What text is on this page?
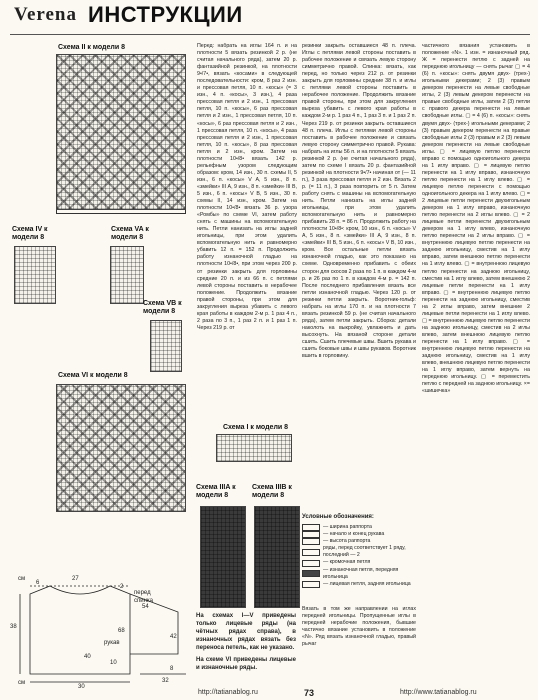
Verena ИНСТРУКЦИИ
Схема II к модели 8
Схема IV к модели 8
Схема VA к модели 8
Схема VB к модели 8
Схема VI к модели 8
Схема I к модели 8
Схема IIIA к модели 8
Схема IIIB к модели 8
см	27
6
2
38
68
54
42
40
8
32
см
30
10
перед
спинка
рукав
На схемах I—V приведены только лицевые ряды (на чётных рядах справа), в изнаночных рядах вязать без переноса петель, как не указано.
На схеме VI приведены лицевые и изнаночные ряды.
Перед: набрать на иглы 164 п. и на плотности 5 вязать резинкой 2 р. (не считая начального ряда), затем 20 р. фантазийной резинкой, на плотности 9•/7•, вязать «косами» в следующей последовательности: кром, 8 раз 2 изн. и прессовая петля, 10 п. «косы» (= 3 изн., 4 п. «косы», 3 изн.), 4 раза прессовая петля и 2 изн., 1 прессовая петля, 10 п. «косы», 6 раз прессовая петля и 2 изн., 1 прессовая петля, 10 п. «косы», 6 раз прессовая петля и 2 изн., 1 прессовая петля, 10 п. «косы», 4 раза прессовая петля и 2 изн., 1 прессовая петля, 10 п. «косы», 8 раз прессовая петля и 2 изн., кром. Затем на плотности 10•/8• вязать 142 р. рельефным узором следующим образом: кром, 14 изн., 30 п. схемы II, 5 изн., 6 п. «косы» V А, 5 изн., 8 п. «змейки» III А, 9 изн., 8 п. «змейки» III В, 5 изн., 6 п. «косы» V В, 5 изн., 30 п. схемы II, 14 изн., кром. Затем на плотности 10•/8• вязать 36 р. узора «Ромбы» по схеме VI, затем работу снять с машины на вспомогательную нить. Петли нанизать на иглы задней игольницы, при этом удалить вспомогательную нить и равномерно убавить 12 п. = 152 п. Продолжить работу изнаночной гладью на плотности 10•/8•, при этом через 200 р. от резинки закрыть для горловины средние 20 п. и из 66 п. с петлями левой стороны поставить в нерабочее положение. Продолжить вязание правой стороны, при этом для закругления выреза убавить с левого края работы в каждом 2-м р. 1 раз 4 п., 2 раза по 3 п., 1 раз 2 п. и 1 раз 1 п. Через 219 р. от
резинки закрыть оставшиеся 48 п. плеча. Иглы с петлями левой стороны поставить в рабочее положение и связать левую сторону симметрично правой. Спинка: вязать, как перед, но только через 212 р. от резинки закрыть для горловины средние 38 п. и иглы с петлями левой стороны поставить в нерабочее положение. Продолжить вязание правой стороны, при этом для закругления выреза убавить с левого края работы в каждом 2-м р. 1 раз 4 п., 1 раз 3 п. и 1 раз 2 п. Через 219 р. от резинки закрыть оставшиеся 48 п. плеча. Иглы с петлями левой стороны поставить в рабочее положение и связать левую сторону симметрично правой. Рукава: набрать на иглы 56 п. и на плотности 5 вязать резинкой 2 р. (не считая начального ряда), затем по схеме I вязать 20 р. фантазийной резинкой на плотности 9•/7• начиная от (— 11 п.), 3 раза прессовая петля и 2 изн. Вязать 2 р. (= 11 п.), 3 раза повторить от 5 п. Затем работу снять с машины на вспомогательную нить. Петли нанизать на иглы задней игольницы, при этом удалить вспомогательную нить и равномерно прибавить 28 п. = 86 п. Продолжить работу на плотности 10•/8•: кром, 10 изн., 6 п. «косы» V А, 5 изн., 8 п. «змейки» III А, 9 изн., 8 п. «змейки» III В, 5 изн., 6 п. «косы» V В, 10 изн., кром. Все остальные петли вязать изнаночной гладью, как это показано на схеме. Одновременно прибавить с обеих сторон для скосов 2 раза по 1 п. в каждом 4-м р. и 26 раз по 1 п. в каждом 4-м р. = 142 п. После последнего прибавления вязать все петли изнаночной гладью. Через 120 р. от резинки петли закрыть. Воротник-гольф: набрать на иглы 170 п. и на плотности 7 вязать резинкой 59 р. (не считая начального ряда), затем петли закрыть. Сборка: детали наколоть на выкройку, увлажнить и дать высохнуть. На вязаной стороне детали сшить. Сшить плечевые швы. Вшить рукава и сшить боковые швы и швы рукавов. Воротник вшить в горловину.
Условные обозначения:
— ширина раппорта
— начало и конец рукава
— высота раппорта
ряды, перед соответствует 1 ряду, последний — 2
— кромочная петля
— изнаночная петля, передняя игольница
— лицевая петля, задняя игольница
Вязать в том же направлении на иглах передней игольницы. Пропущенные иглы в передней нерабочие положения, бывшие частично вязание установить в положение «N». Ряд вязать изнаночной гладью, правый рычаг
частичного вязания установить в положение «N». 1 изн. = изнаночный ряд. Ж = перенести петлю с задней на переднюю игольницу — снять рычаг ▢ = 4 (6) п. «косы»: снять двумя двух- (трех-) игольными декерами; 2 (3) правым декером перенести на левые свободные иглы, 2 (3) левым декером перенести на правые свободные иглы, затем 2 (3) петли с правого декера перенести на левые свободные иглы. ▢ = 4 (6) п. «косы»: снять двумя двух- (трех-) игольными декерами; 2 (3) правым декером перенести на правые свободные иглы 2 (3) правым и 2 (3) левым декером перенести на левые свободные иглы. ▢ = лицевую петлю перенести вправо с помощью одноигольного декера на 1 иглу вправо. ▢ = лицевую петлю перенести на 1 иглу вправо, изнаночную петлю перенести на 1 иглу влево. ▢ = лицевую петлю перенести с помощью одноигольного декера на 1 иглу влево. ▢ = 2 лицевые петли перенести двухигольным декером на 1 иглу вправо, изнаночную петлю перенести на 2 иглы влево. ▢ = 2 лицевые петли перенести двухигольным декером на 1 иглу влево, изнаночную петлю перенести на 2 иглы вправо. ▢ = внутреннюю лицевую петлю перенести на заднюю игольницу, сместив на 1 иглу вправо, затем внешнюю петлю перенести на 1 иглу влево. ▢ = внутреннюю лицевую петлю перенести на заднюю игольницу, сместив на 1 иглу влево, затем внешнюю 2 лицевые петли перенести на 1 иглу вправо. ▢ = внутреннюю лицевую петлю перенести на заднюю игольницу, сместив на 2 иглы вправо, затем внешние 2 лицевые петли перенести на 1 иглу влево. ▢ = внутреннюю лицевую петлю перенести на заднюю игольницу, сместив на 2 иглы влево, затем внешнюю лицевую петлю перенести на 1 иглу вправо. ▢ = внутреннюю лицевую петлю перенести на заднюю игольницу, сместив на 1 иглу влево, внешнюю лицевую петлю перенести на 1 иглу вправо, затем вернуть на переднюю игольницу. ▢ = переместить петлю с передней на заднюю игольницу. ×= «шишечка»
http://tatianablog.ru	73	http://www.tatianablog.ru
